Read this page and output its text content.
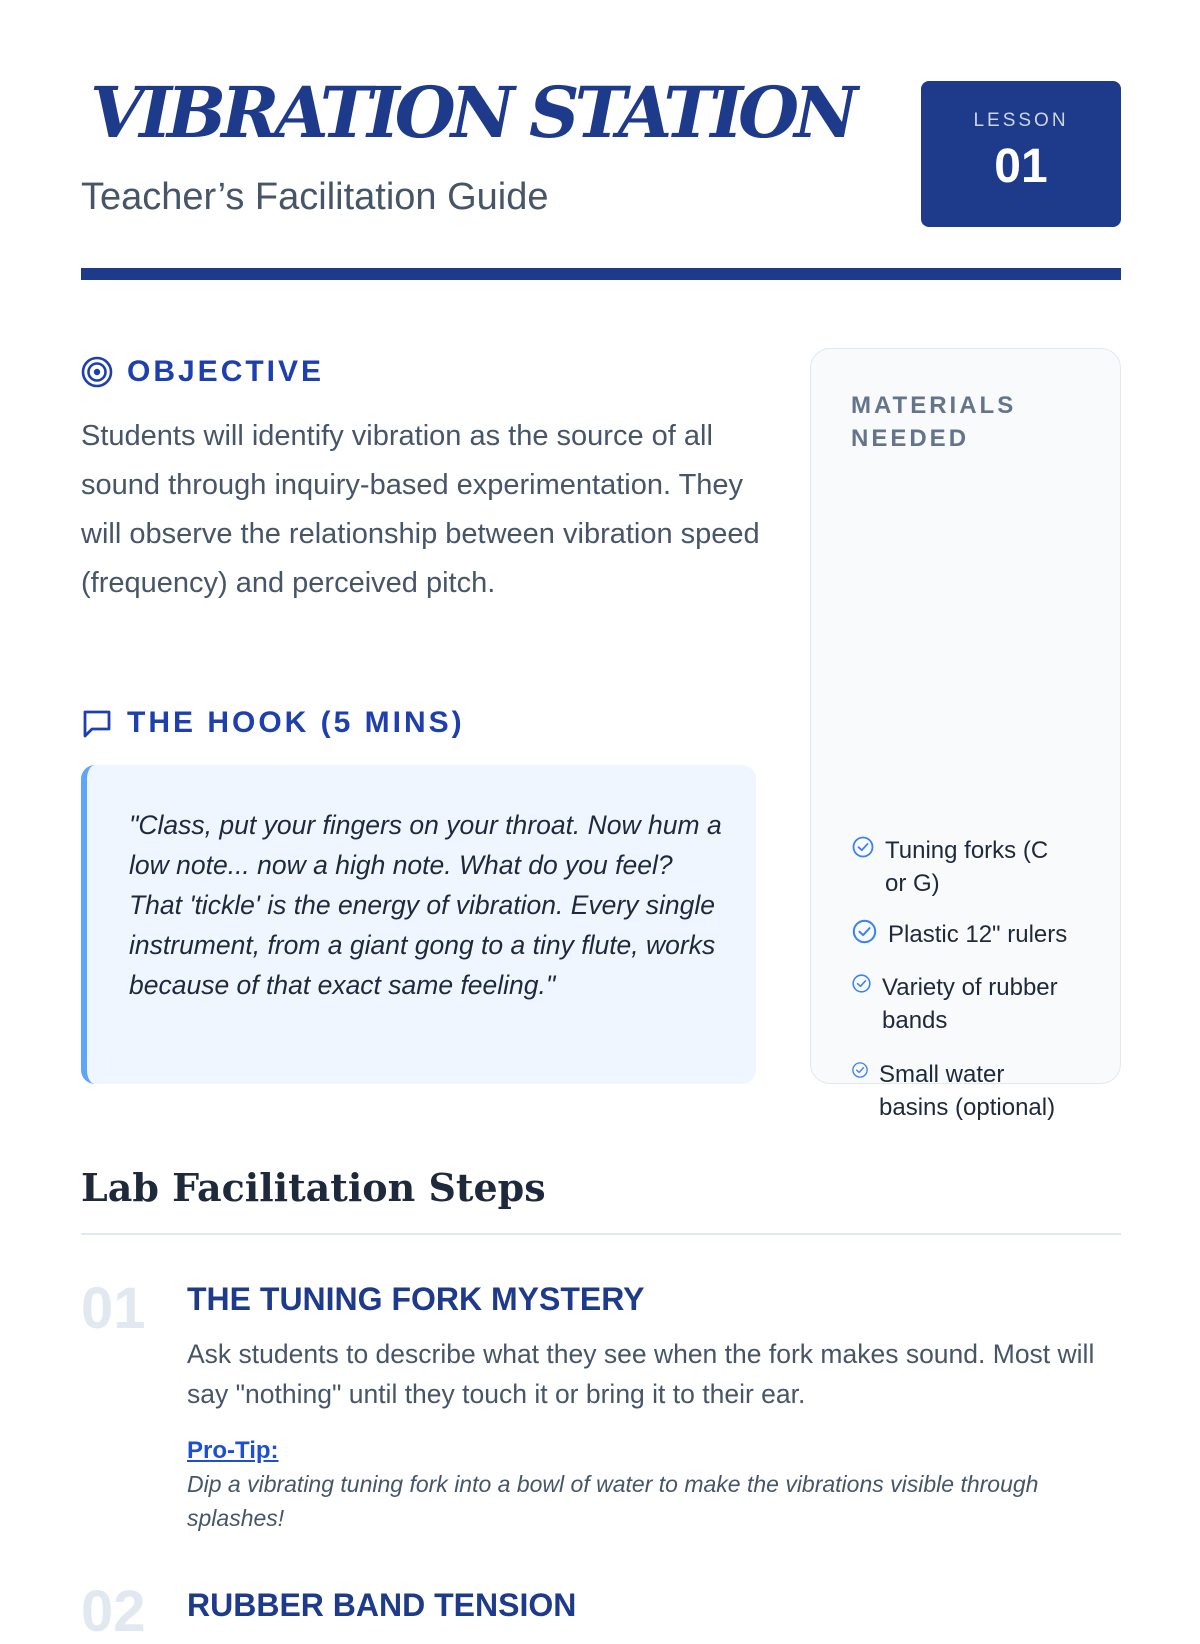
VIBRATION STATION
Teacher’s Facilitation Guide
LESSON
01
OBJECTIVE

Students will identify vibration as the source of all sound through inquiry-based experimentation. They will observe the relationship between vibration speed (frequency) and perceived pitch.

THE HOOK (5 MINS)

"Class, put your fingers on your throat. Now hum a low note... now a high note. What do you feel? That 'tickle' is the energy of vibration. Every single instrument, from a giant gong to a tiny flute, works because of that exact same feeling."

MATERIALS NEEDED
Tuning forks (C or G)
Plastic 12" rulers
Variety of rubber bands
Small water basins (optional)
Lab Facilitation Steps
01 THE TUNING FORK MYSTERY

Ask students to describe what they see when the fork makes sound. Most will say "nothing" until they touch it or bring it to their ear.

Pro-Tip:

Dip a vibrating tuning fork into a bowl of water to make the vibrations visible through splashes!

02 RUBBER BAND TENSION
